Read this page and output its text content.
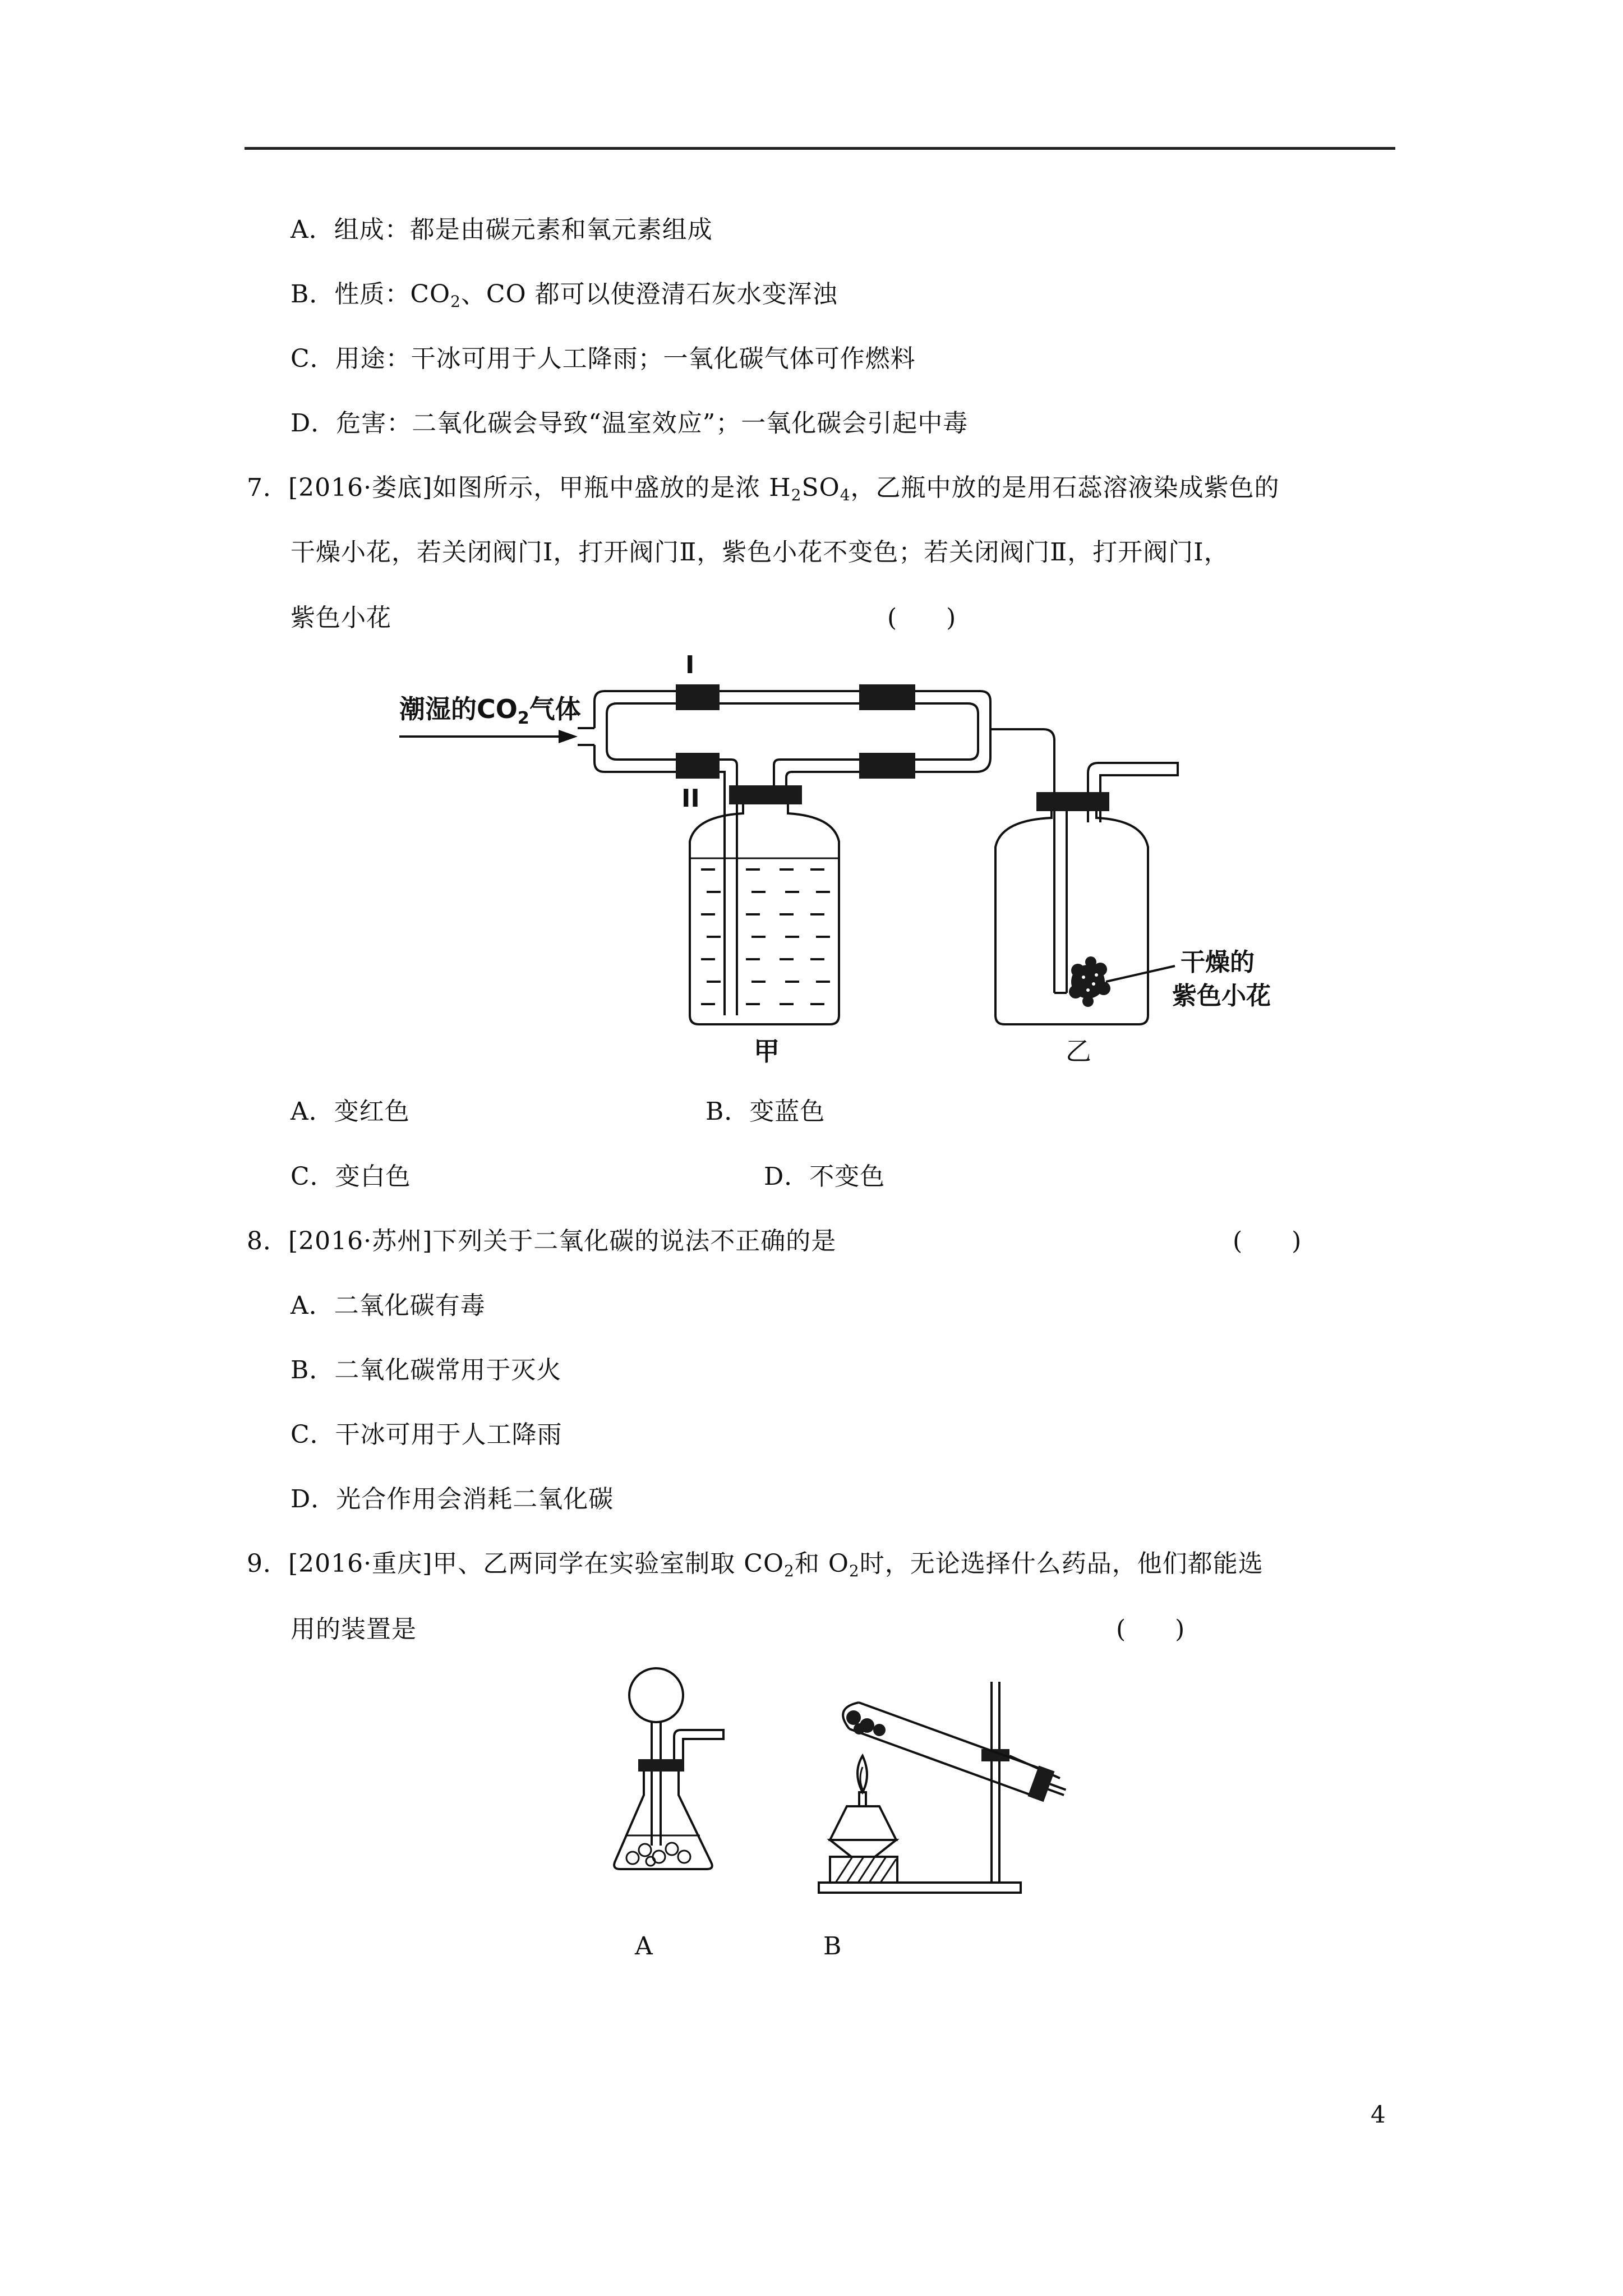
A．组成：都是由碳元素和氧元素组成
B．性质：$CO_2$、CO 都可以使澄清石灰水变浑浊
C．用途：干冰可用于人工降雨；一氧化碳气体可作燃料
D．危害：二氧化碳会导致“温室效应”；一氧化碳会引起中毒
7．[2016·娄底]如图所示，甲瓶中盛放的是浓 $H_2SO_4$，乙瓶中放的是用石蕊溶液染成紫色的
干燥小花，若关闭阀门Ⅰ，打开阀门Ⅱ，紫色小花不变色；若关闭阀门Ⅱ，打开阀门Ⅰ，
紫色小花	(　　)
潮湿的$CO_2$气体
I
II
甲
干燥的
紫色小花
乙
A．变红色	B．变蓝色
C．变白色	D．不变色
8．[2016·苏州]下列关于二氧化碳的说法不正确的是	(　　)
A．二氧化碳有毒
B．二氧化碳常用于灭火
C．干冰可用于人工降雨
D．光合作用会消耗二氧化碳
9．[2016·重庆]甲、乙两同学在实验室制取 $CO_2$和 $O_2$时，无论选择什么药品，他们都能选
用的装置是	(　　)
A	B
4
